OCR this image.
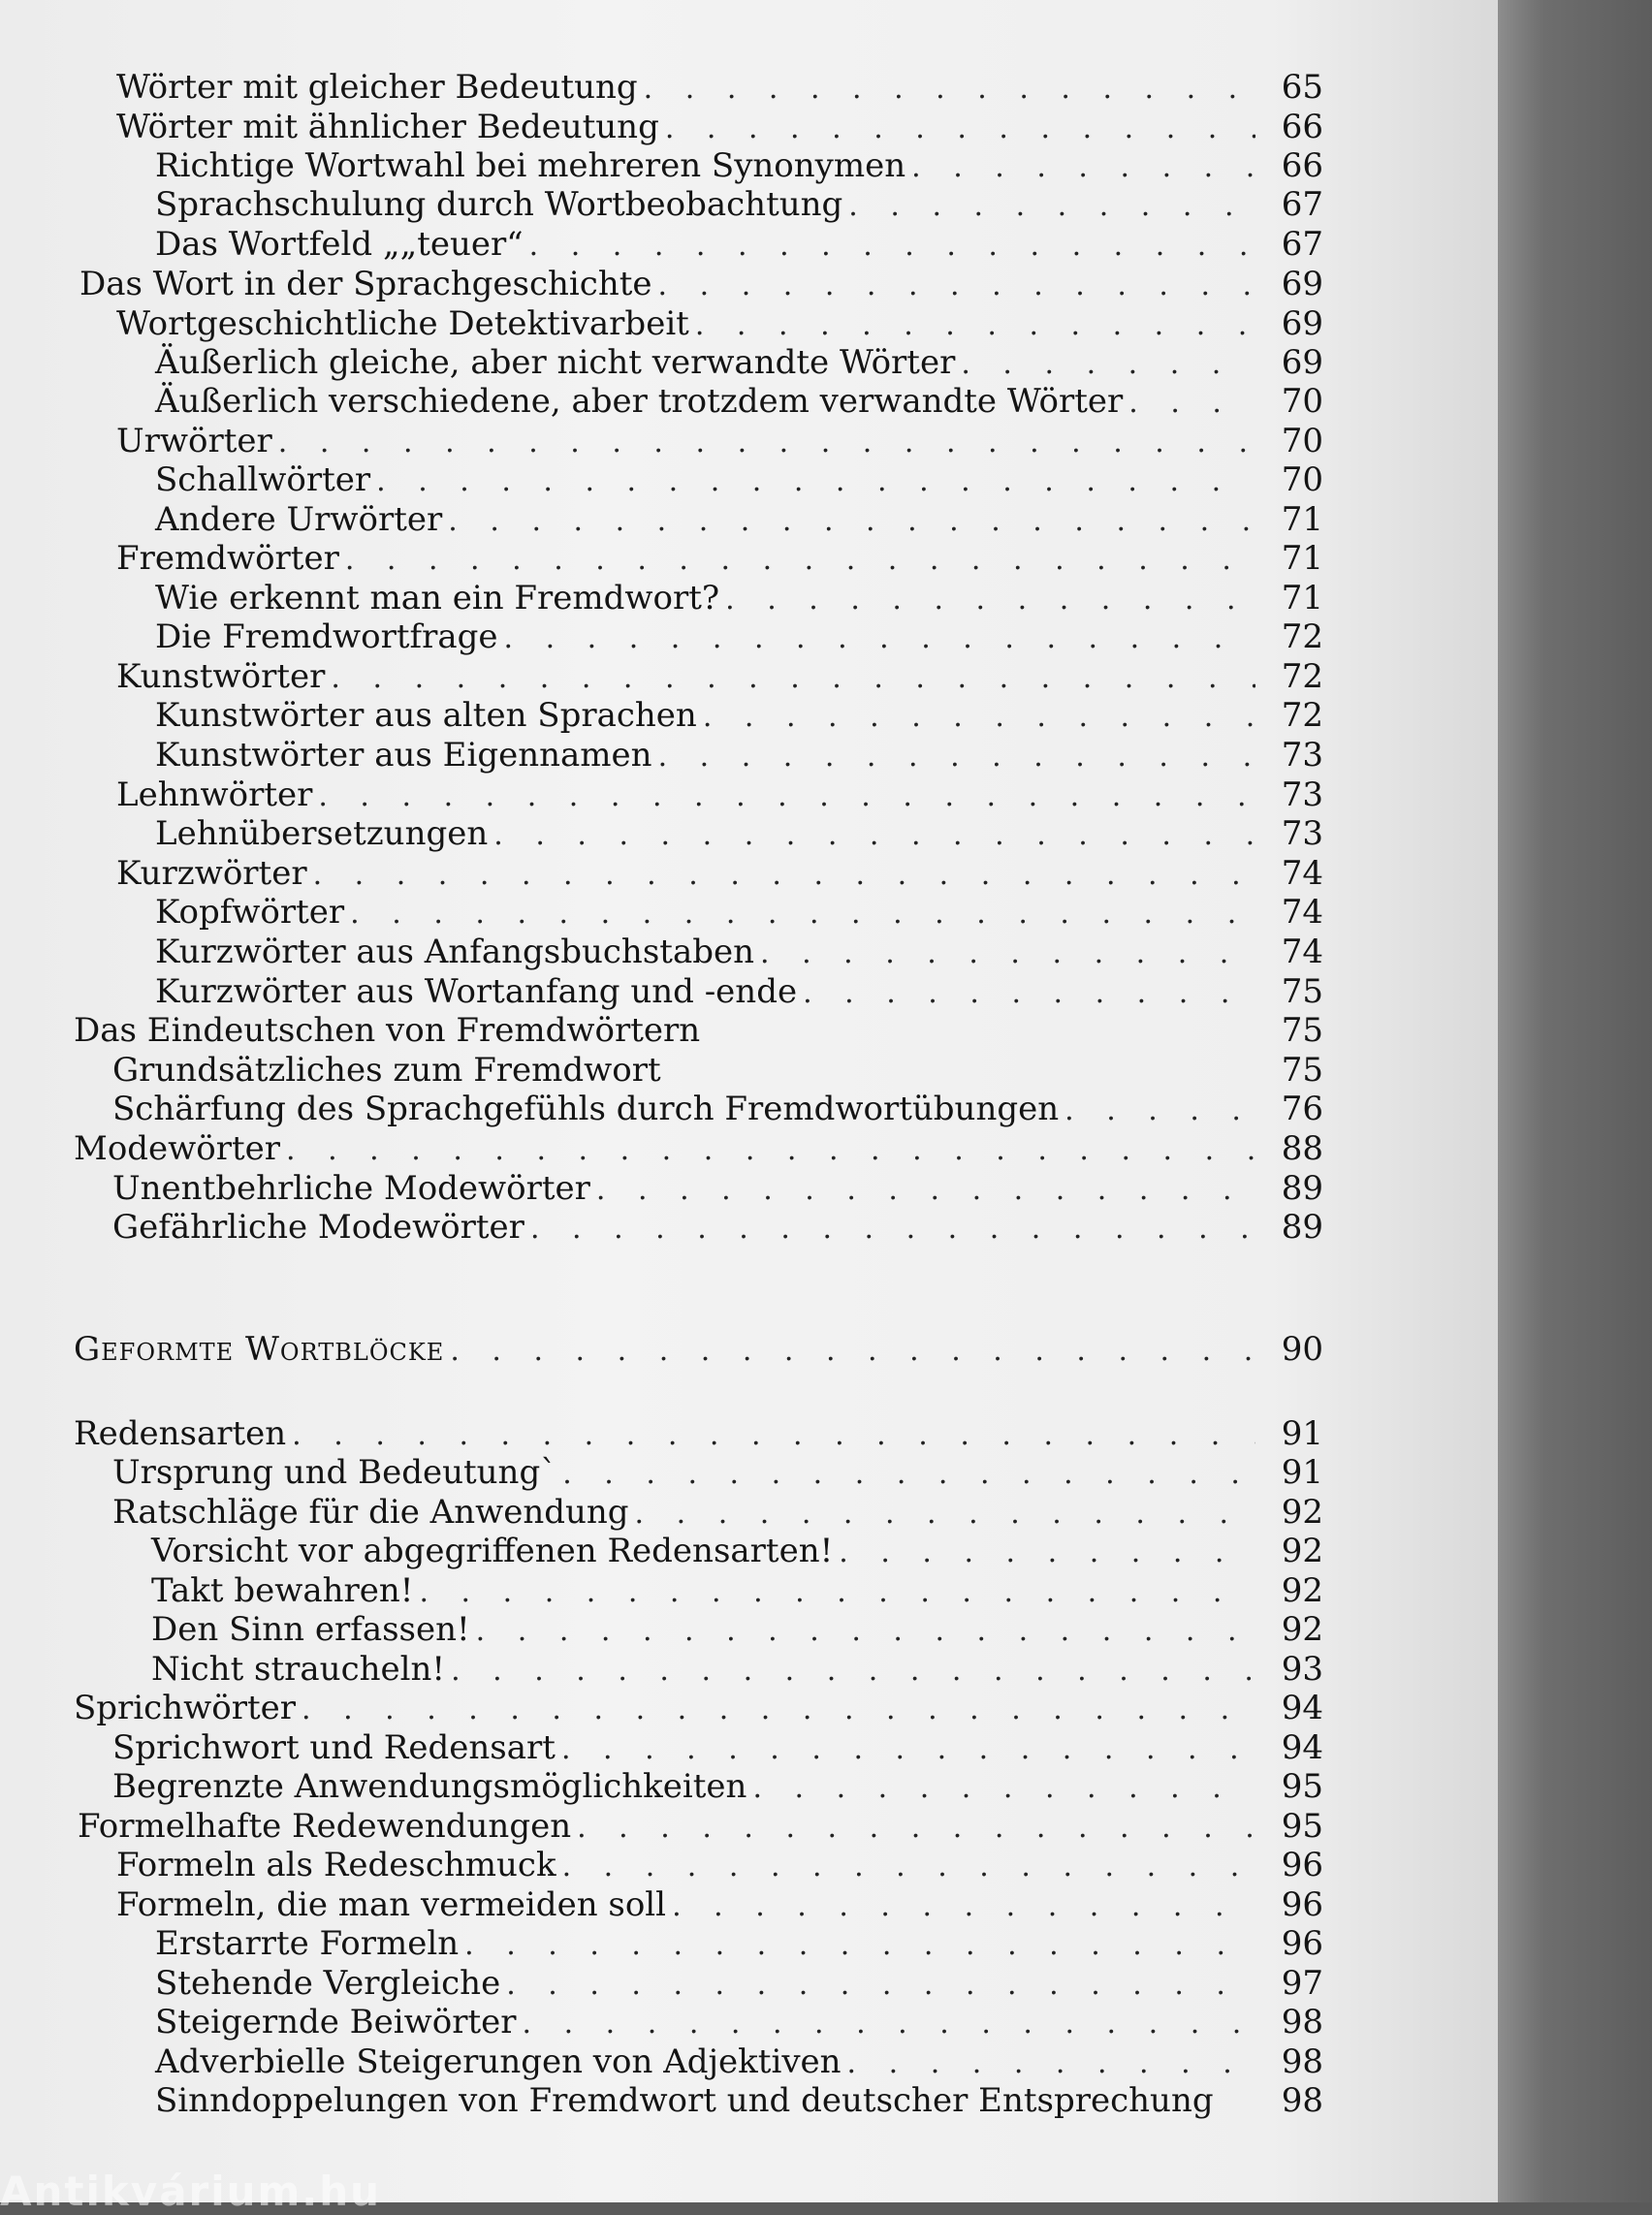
Wörter mit gleicher Bedeutung . . .	65
Wörter mit ähnlicher Bedeutung . . .	66
Richtige Wortwahl bei mehreren Synonymen . . .	66
Sprachschulung durch Wortbeobachtung . . .	67
Das Wortfeld „„teuer“ . . .	67
Das Wort in der Sprachgeschichte . . .	69
Wortgeschichtliche Detektivarbeit . . .	69
Äußerlich gleiche, aber nicht verwandte Wörter . . .	69
Äußerlich verschiedene, aber trotzdem verwandte Wörter . . .	70
Urwörter . . .	70
Schallwörter . . .	70
Andere Urwörter . . .	71
Fremdwörter . . .	71
Wie erkennt man ein Fremdwort? . . .	71
Die Fremdwortfrage . . .	72
Kunstwörter . . .	72
Kunstwörter aus alten Sprachen . . .	72
Kunstwörter aus Eigennamen . . .	73
Lehnwörter . . .	73
Lehnübersetzungen . . .	73
Kurzwörter . . .	74
Kopfwörter . . .	74
Kurzwörter aus Anfangsbuchstaben . . .	74
Kurzwörter aus Wortanfang und -ende . . .	75
Das Eindeutschen von Fremdwörtern	75
Grundsätzliches zum Fremdwort	75
Schärfung des Sprachgefühls durch Fremdwortübungen . . .	76
Modewörter . . .	88
Unentbehrliche Modewörter . . .	89
Gefährliche Modewörter . . .	89
Geformte Wortblöcke . . .	90
Redensarten . . .	91
Ursprung und Bedeutung` . . .	91
Ratschläge für die Anwendung . . .	92
Vorsicht vor abgegriffenen Redensarten! . . .	92
Takt bewahren! . . .	92
Den Sinn erfassen! . . .	92
Nicht straucheln! . . .	93
Sprichwörter . . .	94
Sprichwort und Redensart . . .	94
Begrenzte Anwendungsmöglichkeiten . . .	95
Formelhafte Redewendungen . . .	95
Formeln als Redeschmuck . . .	96
Formeln, die man vermeiden soll . . .	96
Erstarrte Formeln . . .	96
Stehende Vergleiche . . .	97
Steigernde Beiwörter . . .	98
Adverbielle Steigerungen von Adjektiven . . .	98
Sinndoppelungen von Fremdwort und deutscher Entsprechung	98
Antikvárium.hu
